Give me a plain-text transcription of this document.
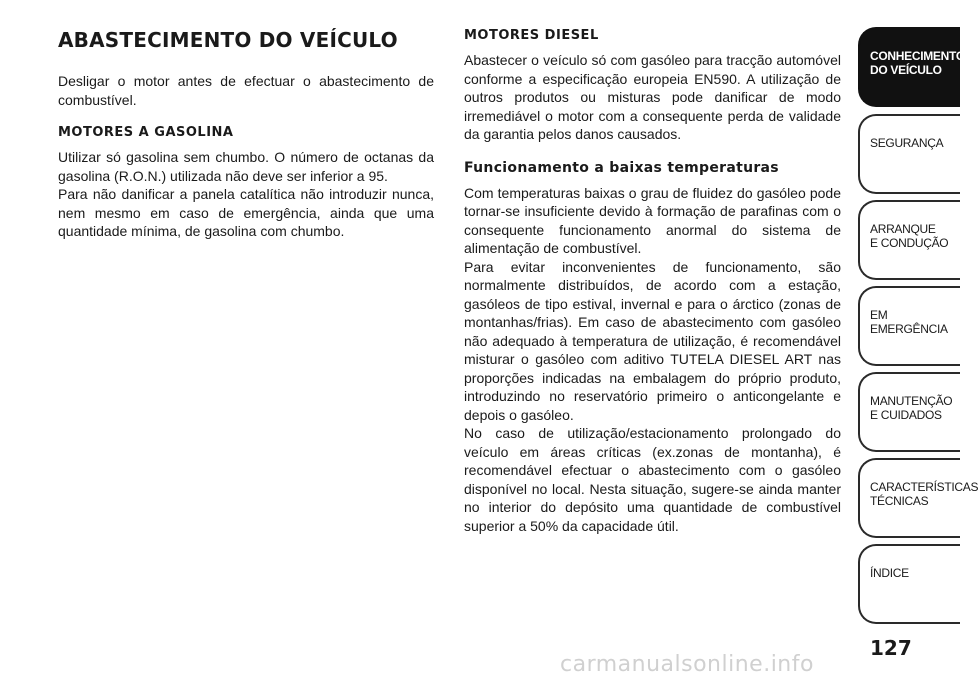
ABASTECIMENTO DO VEÍCULO

Desligar o motor antes de efectuar o abastecimento de combustível.

MOTORES A GASOLINA

Utilizar só gasolina sem chumbo. O número de octanas da gasolina (R.O.N.) utilizada não deve ser inferior a 95.

Para não danificar a panela catalítica não introduzir nunca, nem mesmo em caso de emergência, ainda que uma quantidade mínima, de gasolina com chumbo.

MOTORES DIESEL

Abastecer o veículo só com gasóleo para tracção automóvel conforme a especificação europeia EN590. A utilização de outros produtos ou misturas pode danificar de modo irremediável o motor com a consequente perda de validade da garantia pelos danos causados.

Funcionamento a baixas temperaturas

Com temperaturas baixas o grau de fluidez do gasóleo pode tornar-se insuficiente devido à formação de parafinas com o consequente funcionamento anormal do sistema de alimentação de combustível.

Para evitar inconvenientes de funcionamento, são normalmente distribuídos, de acordo com a estação, gasóleos de tipo estival, invernal e para o árctico (zonas de montanhas/frias). Em caso de abastecimento com gasóleo não adequado à temperatura de utilização, é recomendável misturar o gasóleo com aditivo TUTELA DIESEL ART nas proporções indicadas na embalagem do próprio produto, introduzindo no reservatório primeiro o anticongelante e depois o gasóleo.

No caso de utilização/estacionamento prolongado do veículo em áreas críticas (ex.zonas de montanha), é recomendável efectuar o abastecimento com o gasóleo disponível no local. Nesta situação, sugere-se ainda manter no interior do depósito uma quantidade de combustível superior a 50% da capacidade útil.

CONHECIMENTO
DO VEÍCULO
SEGURANÇA
ARRANQUE
E CONDUÇÃO
EM EMERGÊNCIA
MANUTENÇÃO
E CUIDADOS
CARACTERÍSTICAS
TÉCNICAS
ÍNDICE
127
carmanualsonline.info
